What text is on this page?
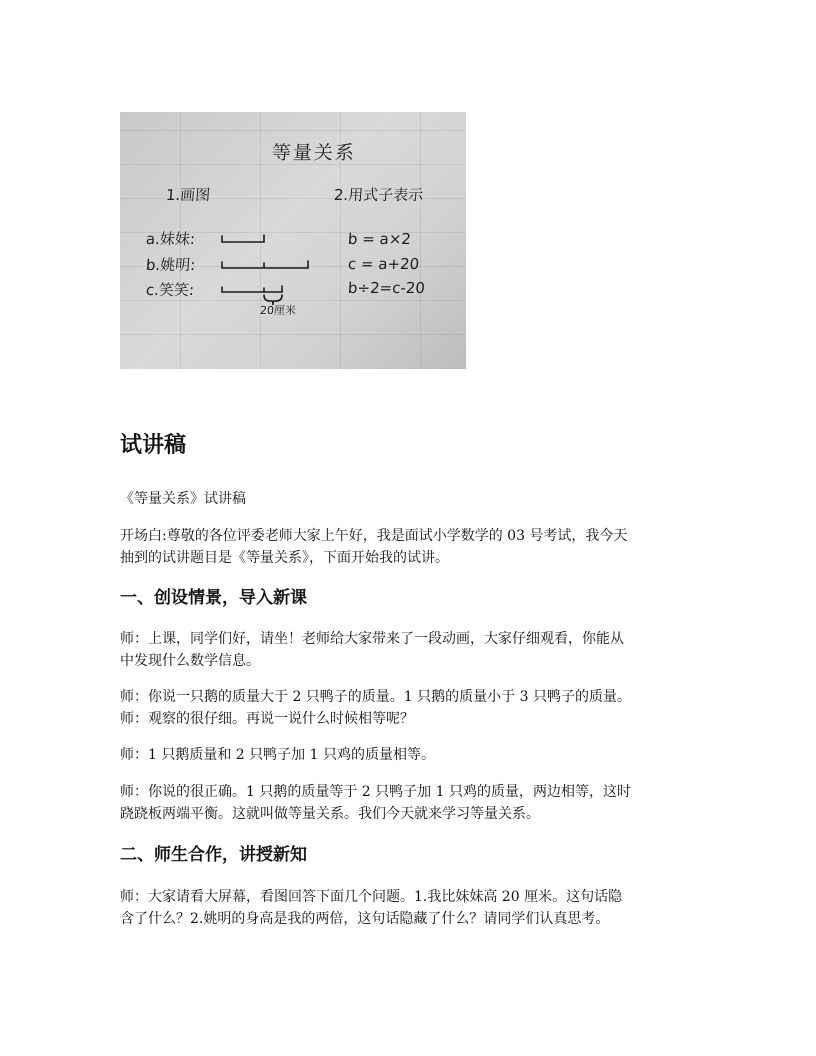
等量关系
1.画图	2.用式子表示
a.妹妹:
b.姚明:
c.笑笑:
b = a×2
c = a+20
b÷2=c-20
20厘米
试讲稿

《等量关系》试讲稿

开场白:尊敬的各位评委老师大家上午好，我是面试小学数学的 03 号考试，我今天
抽到的试讲题目是《等量关系》，下面开始我的试讲。

一、创设情景，导入新课

师：上课，同学们好，请坐！老师给大家带来了一段动画，大家仔细观看，你能从
中发现什么数学信息。

师：你说一只鹅的质量大于 2 只鸭子的质量。1 只鹅的质量小于 3 只鸭子的质量。
师：观察的很仔细。再说一说什么时候相等呢？

师：1 只鹅质量和 2 只鸭子加 1 只鸡的质量相等。

师：你说的很正确。1 只鹅的质量等于 2 只鸭子加 1 只鸡的质量，两边相等，这时
跷跷板两端平衡。这就叫做等量关系。我们今天就来学习等量关系。

二、师生合作，讲授新知

师：大家请看大屏幕，看图回答下面几个问题。1.我比妹妹高 20 厘米。这句话隐
含了什么？2.姚明的身高是我的两倍，这句话隐藏了什么？请同学们认真思考。
